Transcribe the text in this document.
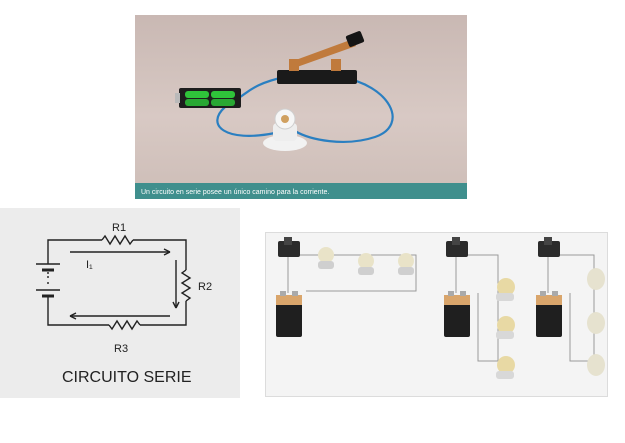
Un circuito en serie posee un único camino para la corriente.
R1
R2
R3
I₁
CIRCUITO SERIE
